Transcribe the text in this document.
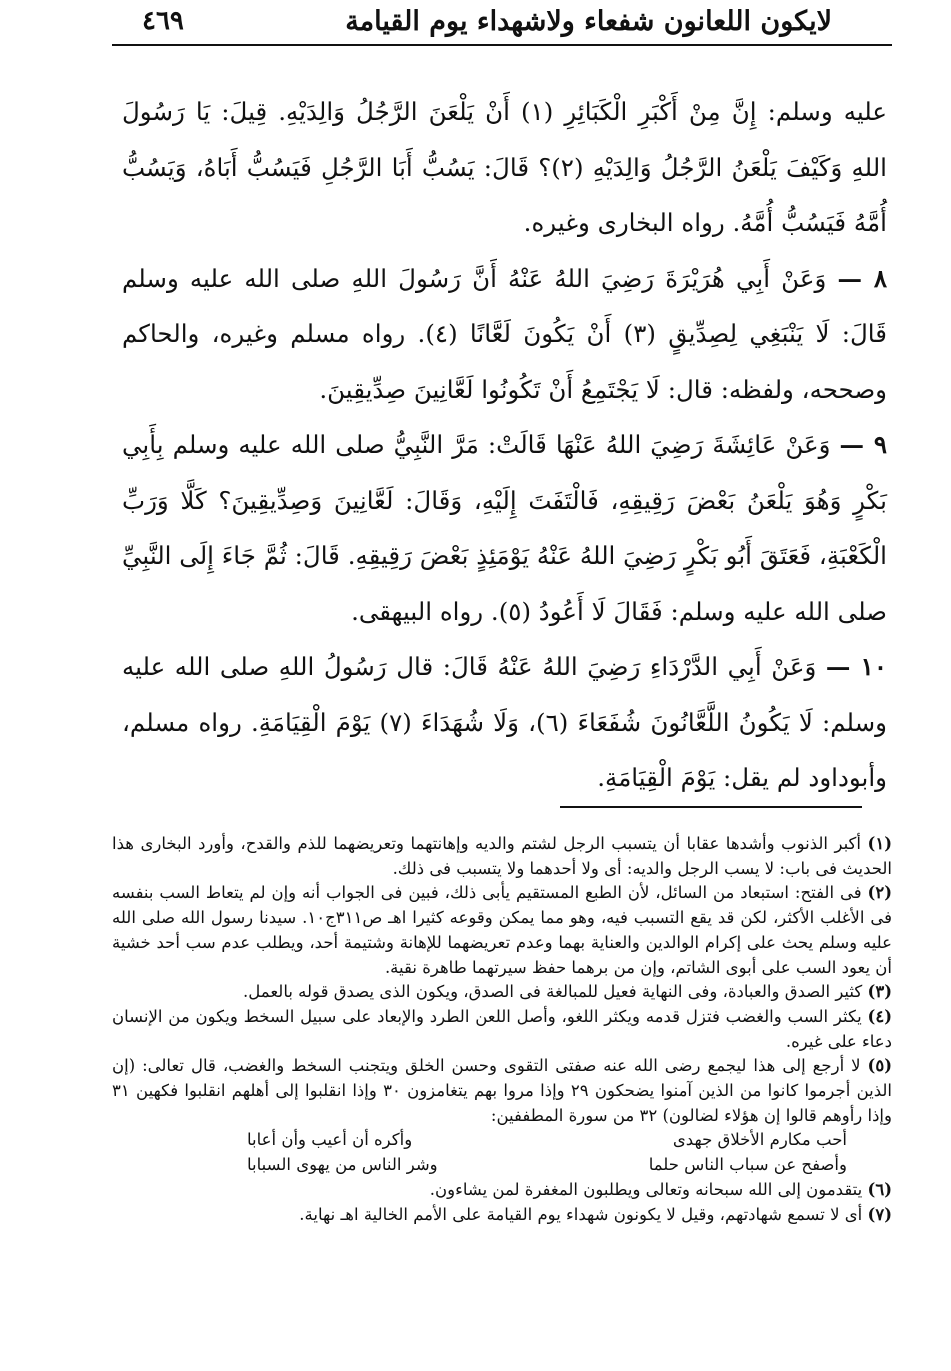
لايكون اللعانون شفعاء ولاشهداء يوم القيامة
٤٦٩

عليه وسلم: إِنَّ مِنْ أَكْبَرِ الْكَبَائِرِ (١) أَنْ يَلْعَنَ الرَّجُلُ وَالِدَيْهِ. قِيلَ: يَا رَسُولَ اللهِ وَكَيْفَ يَلْعَنُ الرَّجُلُ وَالِدَيْهِ (٢)؟ قَالَ: يَسُبُّ أَبَا الرَّجُلِ فَيَسُبُّ أَبَاهُ، وَيَسُبُّ أُمَّهُ فَيَسُبُّ أُمَّهُ. رواه البخارى وغيره.

٨ — وَعَنْ أَبِي هُرَيْرَةَ رَضِيَ اللهُ عَنْهُ أَنَّ رَسُولَ اللهِ صلى الله عليه وسلم قَالَ: لَا يَنْبَغِي لِصِدِّيقٍ (٣) أَنْ يَكُونَ لَعَّانًا (٤). رواه مسلم وغيره، والحاكم وصححه، ولفظه: قال: لَا يَجْتَمِعُ أَنْ تَكُونُوا لَعَّانِينَ صِدِّيقِينَ.

٩ — وَعَنْ عَائِشَةَ رَضِيَ اللهُ عَنْهَا قَالَتْ: مَرَّ النَّبِيُّ صلى الله عليه وسلم بِأَبِي بَكْرٍ وَهُوَ يَلْعَنُ بَعْضَ رَقِيقِهِ، فَالْتَفَتَ إِلَيْهِ، وَقَالَ: لَعَّانِينَ وَصِدِّيقِينَ؟ كَلَّا وَرَبِّ الْكَعْبَةِ، فَعَتَقَ أَبُو بَكْرٍ رَضِيَ اللهُ عَنْهُ يَوْمَئِذٍ بَعْضَ رَقِيقِهِ. قَالَ: ثُمَّ جَاءَ إِلَى النَّبِيِّ صلى الله عليه وسلم: فَقَالَ لَا أَعُودُ (٥). رواه البيهقى.

١٠ — وَعَنْ أَبِي الدَّرْدَاءِ رَضِيَ اللهُ عَنْهُ قَالَ: قال رَسُولُ اللهِ صلى الله عليه وسلم: لَا يَكُونُ اللَّعَّانُونَ شُفَعَاءَ (٦)، وَلَا شُهَدَاءَ (٧) يَوْمَ الْقِيَامَةِ. رواه مسلم، وأبوداود لم يقل: يَوْمَ الْقِيَامَةِ.

(١) أكبر الذنوب وأشدها عقابا أن يتسبب الرجل لشتم والديه وإهانتهما وتعريضهما للذم والقدح، وأورد البخارى هذا الحديث فى باب: لا يسب الرجل والديه: أى ولا أحدهما ولا يتسبب فى ذلك.

(٢) فى الفتح: استبعاد من السائل، لأن الطبع المستقيم يأبى ذلك، فبين فى الجواب أنه وإن لم يتعاط السب بنفسه فى الأغلب الأكثر، لكن قد يقع التسبب فيه، وهو مما يمكن وقوعه كثيرا اهـ ص٣١١ج١٠. سيدنا رسول الله صلى الله عليه وسلم يحث على إكرام الوالدين والعناية بهما وعدم تعريضهما للإهانة وشتيمة أحد، ويطلب عدم سب أحد خشية أن يعود السب على أبوى الشاتم، وإن من برهما حفظ سيرتهما طاهرة نقية.

(٣) كثير الصدق والعبادة، وفى النهاية فعيل للمبالغة فى الصدق، ويكون الذى يصدق قوله بالعمل.

(٤) يكثر السب والغضب فتزل قدمه ويكثر اللغو، وأصل اللعن الطرد والإبعاد على سبيل السخط ويكون من الإنسان دعاء على غيره.

(٥) لا أرجع إلى هذا ليجمع رضى الله عنه صفتى التقوى وحسن الخلق ويتجنب السخط والغضب، قال تعالى: (إن الذين أجرموا كانوا من الذين آمنوا يضحكون ٢٩ وإذا مروا بهم يتغامزون ٣٠ وإذا انقلبوا إلى أهلهم انقلبوا فكهين ٣١ وإذا رأوهم قالوا إن هؤلاء لضالون) ٣٢ من سورة المطففين:

أحب مكارم الأخلاق جهدى
وأكره أن أعيب وأن أعابا
وأصفح عن سباب الناس حلما
وشر الناس من يهوى السبابا

(٦) يتقدمون إلى الله سبحانه وتعالى ويطلبون المغفرة لمن يشاءون.

(٧) أى لا تسمع شهادتهم، وقيل لا يكونون شهداء يوم القيامة على الأمم الخالية اهـ نهاية.
